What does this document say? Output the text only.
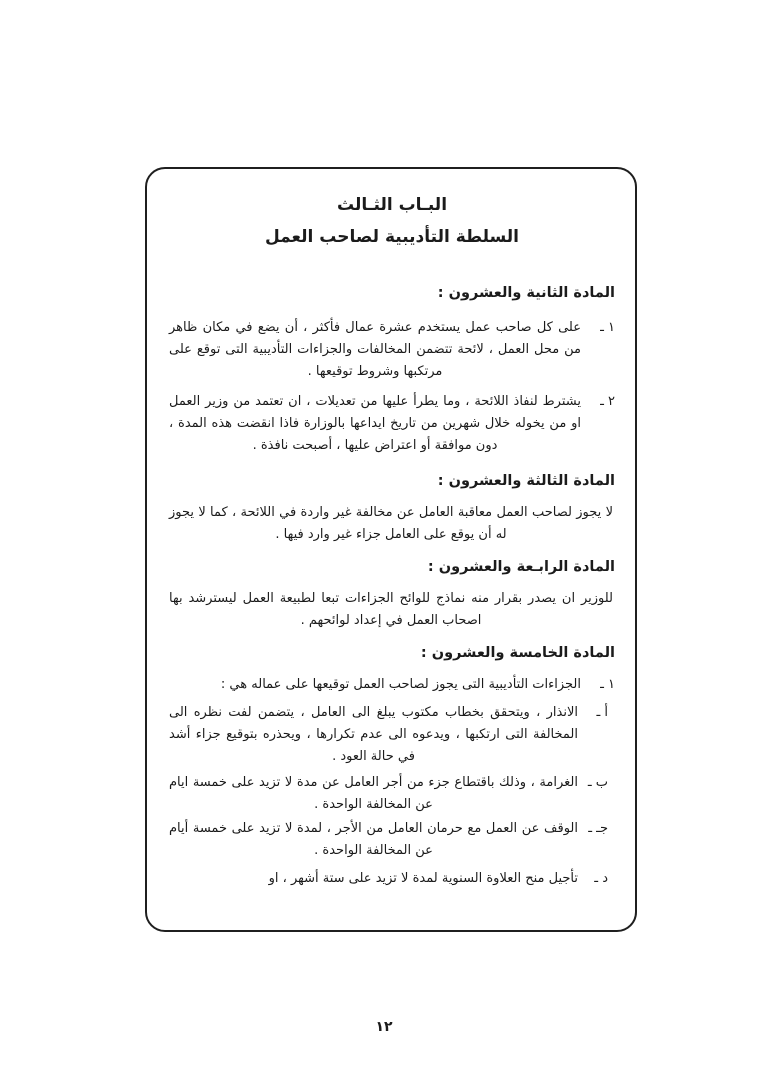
البـاب الثـالث
السلطة التأديبية لصاحب العمل
المادة الثانية والعشرون :
١ ـ
على كل صاحب عمل يستخدم عشرة عمال فأكثر ، أن يضع في مكان ظاهر من محل العمل ، لائحة تتضمن المخالفات والجزاءات التأديبية التى توقع على مرتكبها وشروط توقيعها .
٢ ـ
يشترط لنفاذ اللائحة ، وما يطرأ عليها من تعديلات ، ان تعتمد من وزير العمل او من يخوله خلال شهرين من تاريخ ايداعها بالوزارة فاذا انقضت هذه المدة ، دون موافقة أو اعتراض عليها ، أصبحت نافذة .
المادة الثالثة والعشرون :
لا يجوز لصاحب العمل معاقبة العامل عن مخالفة غير واردة في اللائحة ، كما لا يجوز له أن يوقع على العامل جزاء غير وارد فيها .
المادة الرابـعة والعشرون :
للوزير ان يصدر بقرار منه نماذج للوائح الجزاءات تبعا لطبيعة العمل ليسترشد بها اصحاب العمل في إعداد لوائحهم .
المادة الخامسة والعشرون :
١ ـ
الجزاءات التأديبية التى يجوز لصاحب العمل توقيعها على عماله هي :
أ ـ
الانذار ، ويتحقق بخطاب مكتوب يبلغ الى العامل ، يتضمن لفت نظره الى المخالفة التى ارتكبها ، ويدعوه الى عدم تكرارها ، ويحذره بتوقيع جزاء أشد في حالة العود .
ب ـ
الغرامة ، وذلك باقتطاع جزء من أجر العامل عن مدة لا تزيد على خمسة ايام عن المخالفة الواحدة .
جـ ـ
الوقف عن العمل مع حرمان العامل من الأجر ، لمدة لا تزيد على خمسة أيام عن المخالفة الواحدة .
د ـ
تأجيل منح العلاوة السنوية لمدة لا تزيد على ستة أشهر ، او
١٢
